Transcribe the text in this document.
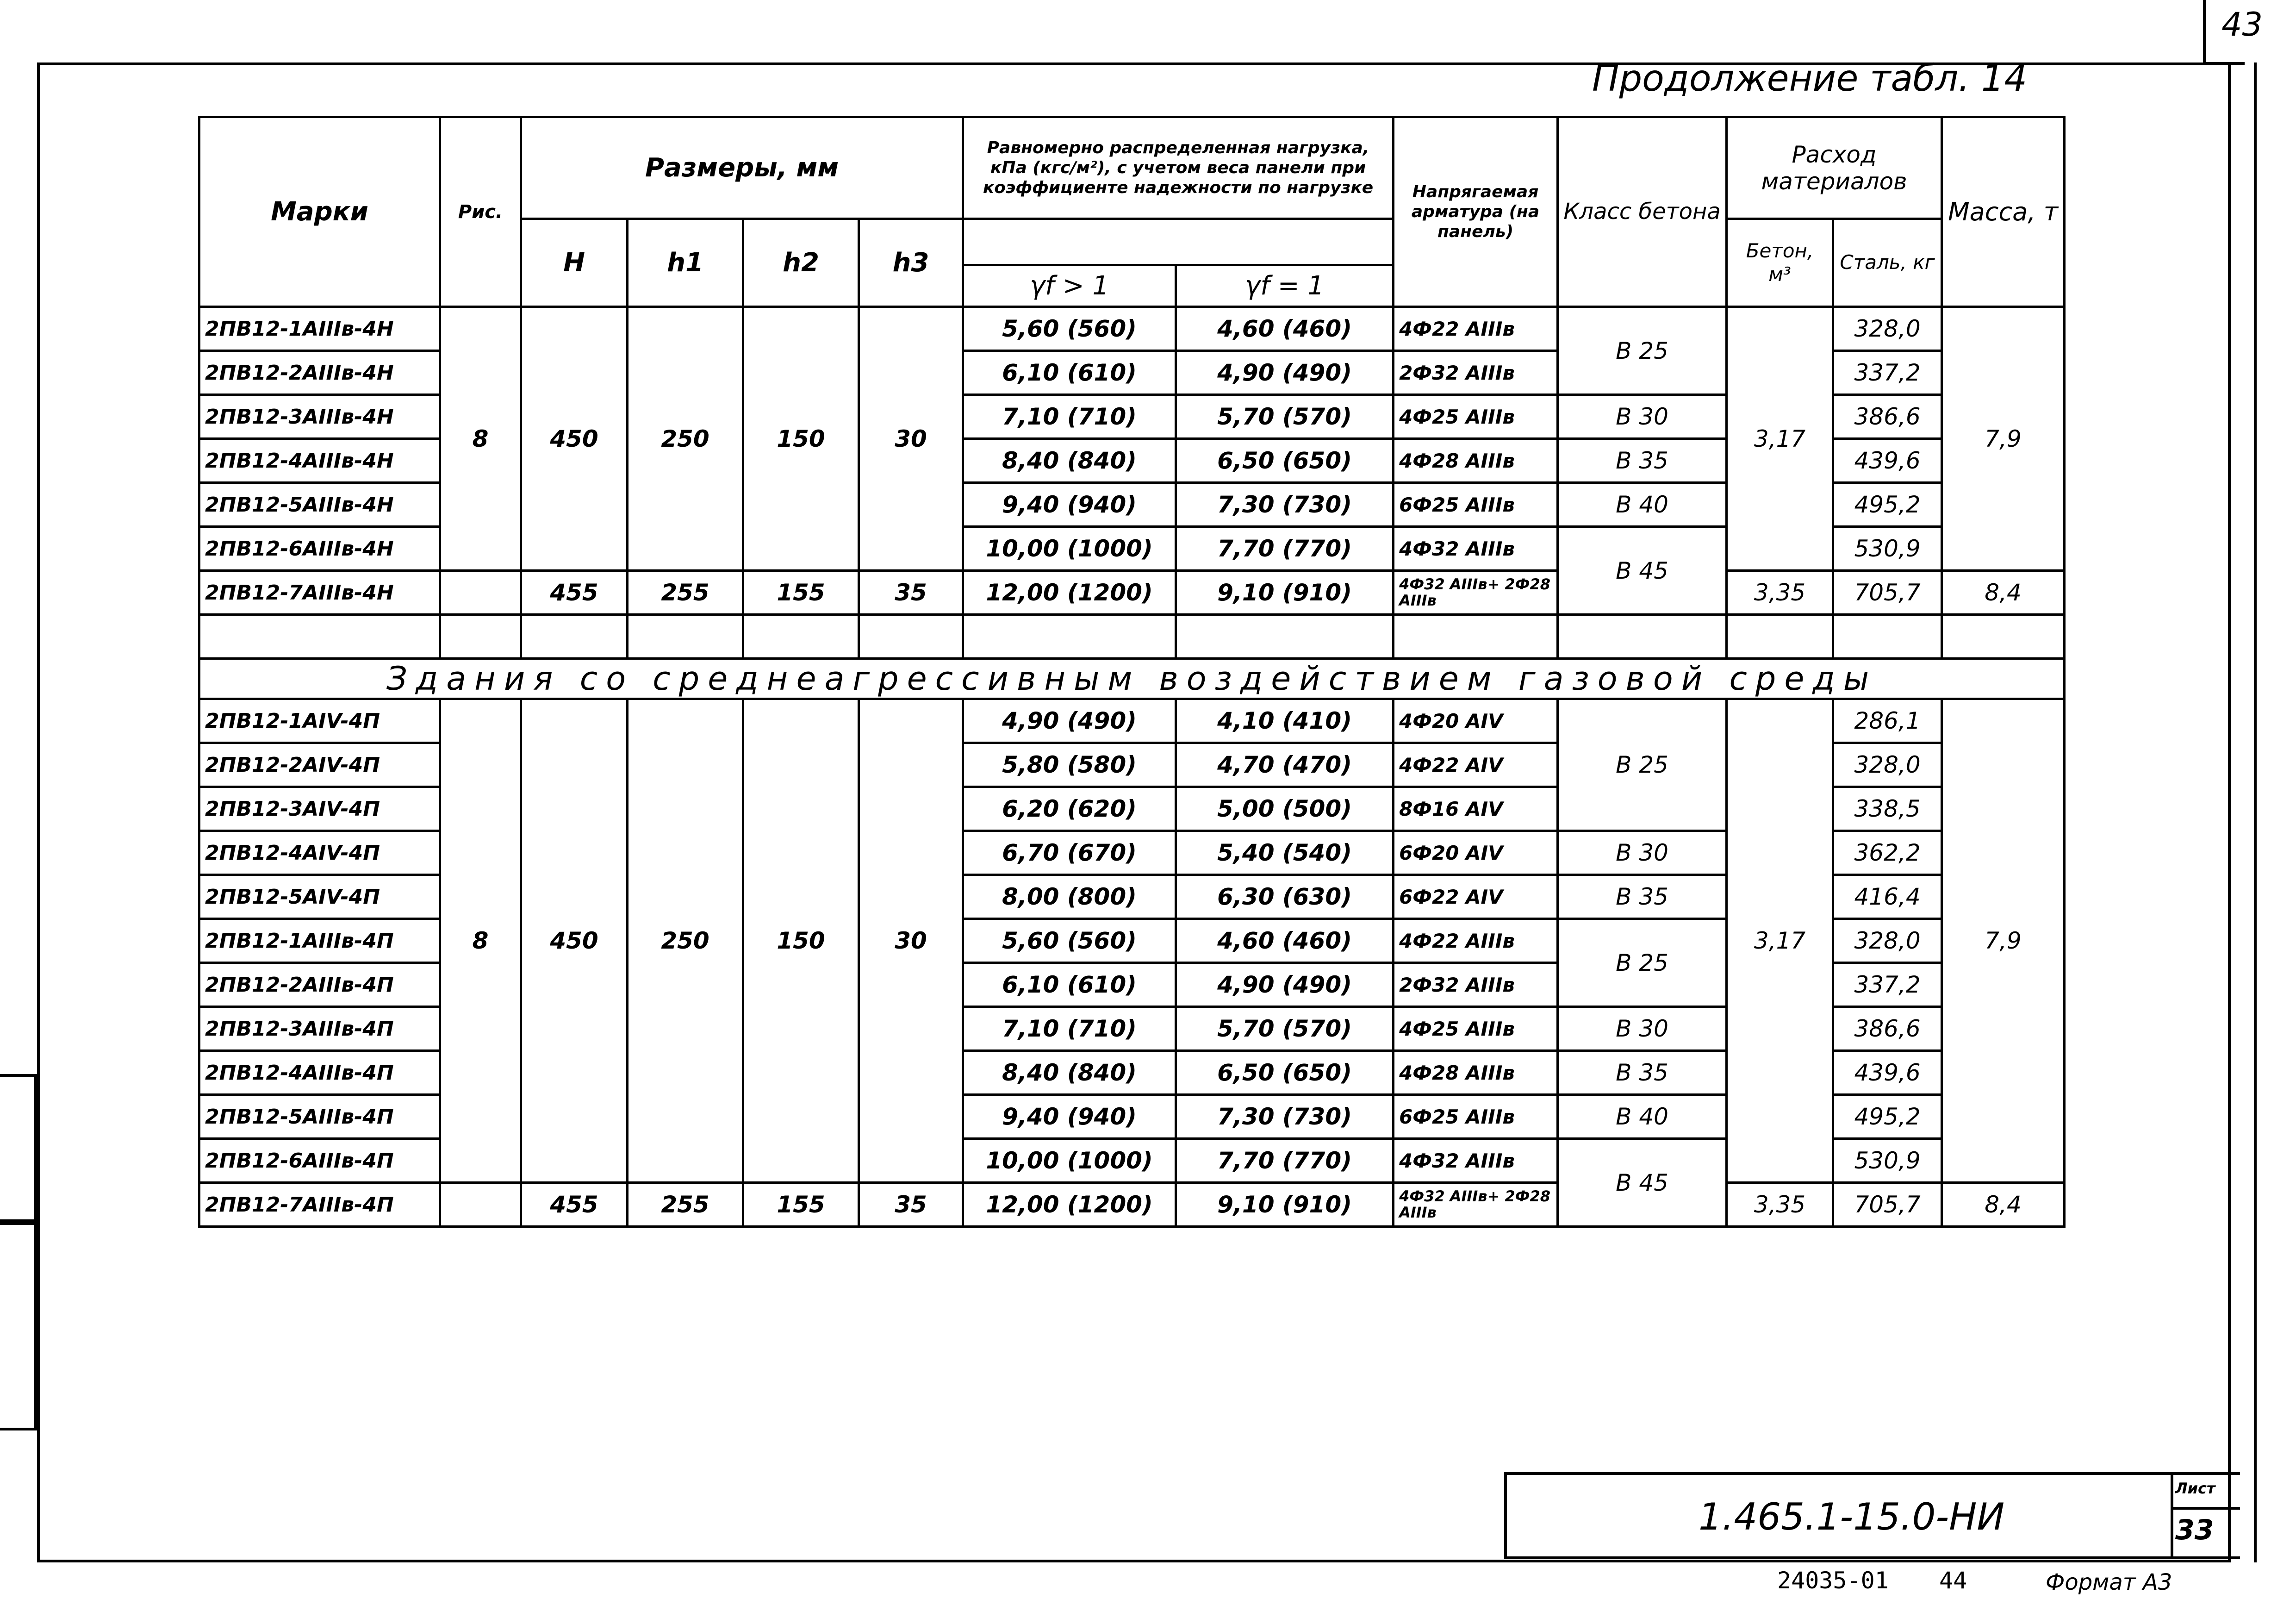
43
Продолжение табл. 14
Марки	Рис.	Размеры, мм				Равномерно распределенная нагрузка, кПа (кгс/м²), с учетом веса панели при коэффициенте надежности по нагрузке		Напрягаемая арматура (на панель)	Класс бетона	Расход материалов		Масса, т
		H	h1	h2	h3					Бетон, м³	Сталь, кг	
						γf > 1	γf = 1					
2ПВ12-1AIIIв-4Н	8	450	250	150	30	5,60 (560)	4,60 (460)	4Ф22 AIIIв	В 25	3,17	328,0	7,9
2ПВ12-2AIIIв-4Н						6,10 (610)	4,90 (490)	2Ф32 AIIIв			337,2	
2ПВ12-3AIIIв-4Н						7,10 (710)	5,70 (570)	4Ф25 AIIIв	В 30		386,6	
2ПВ12-4AIIIв-4Н						8,40 (840)	6,50 (650)	4Ф28 AIIIв	В 35		439,6	
2ПВ12-5AIIIв-4Н						9,40 (940)	7,30 (730)	6Ф25 AIIIв	В 40		495,2	
2ПВ12-6AIIIв-4Н						10,00 (1000)	7,70 (770)	4Ф32 AIIIв	В 45		530,9	
2ПВ12-7AIIIв-4Н		455	255	155	35	12,00 (1200)	9,10 (910)	4Ф32 AIIIв+ 2Ф28 AIIIв		3,35	705,7	8,4

Здания со среднеагрессивным воздействием газовой среды												
2ПВ12-1AIV-4П	8	450	250	150	30	4,90 (490)	4,10 (410)	4Ф20 AIV	В 25	3,17	286,1	7,9
2ПВ12-2AIV-4П						5,80 (580)	4,70 (470)	4Ф22 AIV			328,0	
2ПВ12-3AIV-4П						6,20 (620)	5,00 (500)	8Ф16 AIV			338,5	
2ПВ12-4AIV-4П						6,70 (670)	5,40 (540)	6Ф20 AIV	В 30		362,2	
2ПВ12-5AIV-4П						8,00 (800)	6,30 (630)	6Ф22 AIV	В 35		416,4	
2ПВ12-1AIIIв-4П						5,60 (560)	4,60 (460)	4Ф22 AIIIв	В 25		328,0	
2ПВ12-2AIIIв-4П						6,10 (610)	4,90 (490)	2Ф32 AIIIв			337,2	
2ПВ12-3AIIIв-4П						7,10 (710)	5,70 (570)	4Ф25 AIIIв	В 30		386,6	
2ПВ12-4AIIIв-4П						8,40 (840)	6,50 (650)	4Ф28 AIIIв	В 35		439,6	
2ПВ12-5AIIIв-4П						9,40 (940)	7,30 (730)	6Ф25 AIIIв	В 40		495,2	
2ПВ12-6AIIIв-4П						10,00 (1000)	7,70 (770)	4Ф32 AIIIв	В 45		530,9	
2ПВ12-7AIIIв-4П		455	255	155	35	12,00 (1200)	9,10 (910)	4Ф32 AIIIв+ 2Ф28 AIIIв		3,35	705,7	8,4
1.465.1-15.0-НИ
Лист
33
24035-01 44	Формат А3
